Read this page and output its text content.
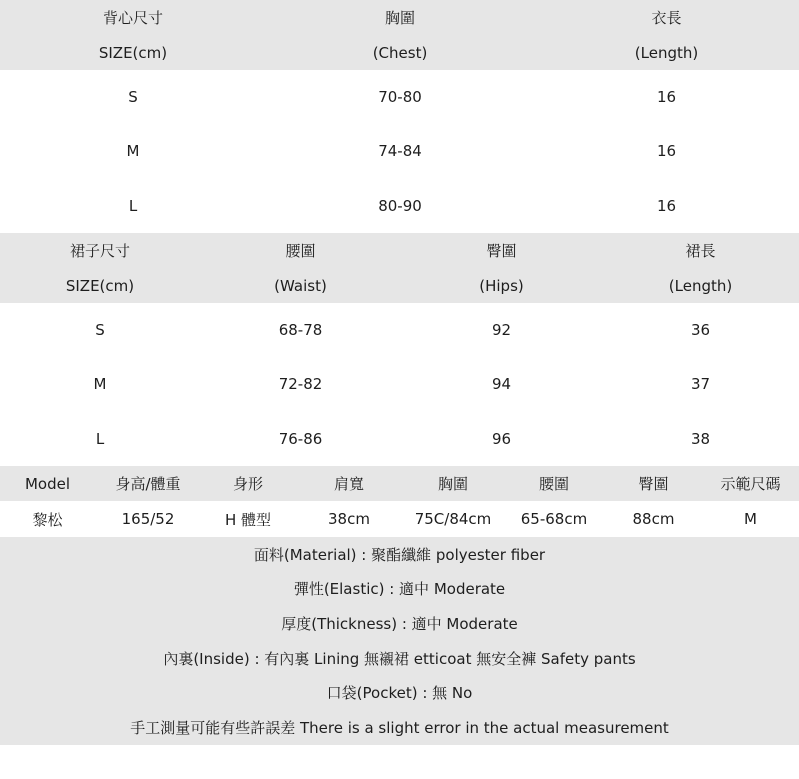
背心尺寸	胸圍	衣長
SIZE(cm)	(Chest)	(Length)
S	70-80	16
M	74-84	16
L	80-90	16
裙子尺寸	腰圍	臀圍	裙長
SIZE(cm)	(Waist)	(Hips)	(Length)
S	68-78	92	36
M	72-82	94	37
L	76-86	96	38
Model	身高/體重	身形	肩寬	胸圍	腰圍	臀圍	示範尺碼
黎松	165/52	H 體型	38cm	75C/84cm	65-68cm	88cm	M
面料(Material) : 聚酯纖維 polyester fiber
彈性(Elastic) : 適中 Moderate
厚度(Thickness) : 適中 Moderate
內裏(Inside) : 有內裏 Lining 無襯裙 etticoat 無安全褲 Safety pants
口袋(Pocket) : 無 No
手工測量可能有些許誤差 There is a slight error in the actual measurement
